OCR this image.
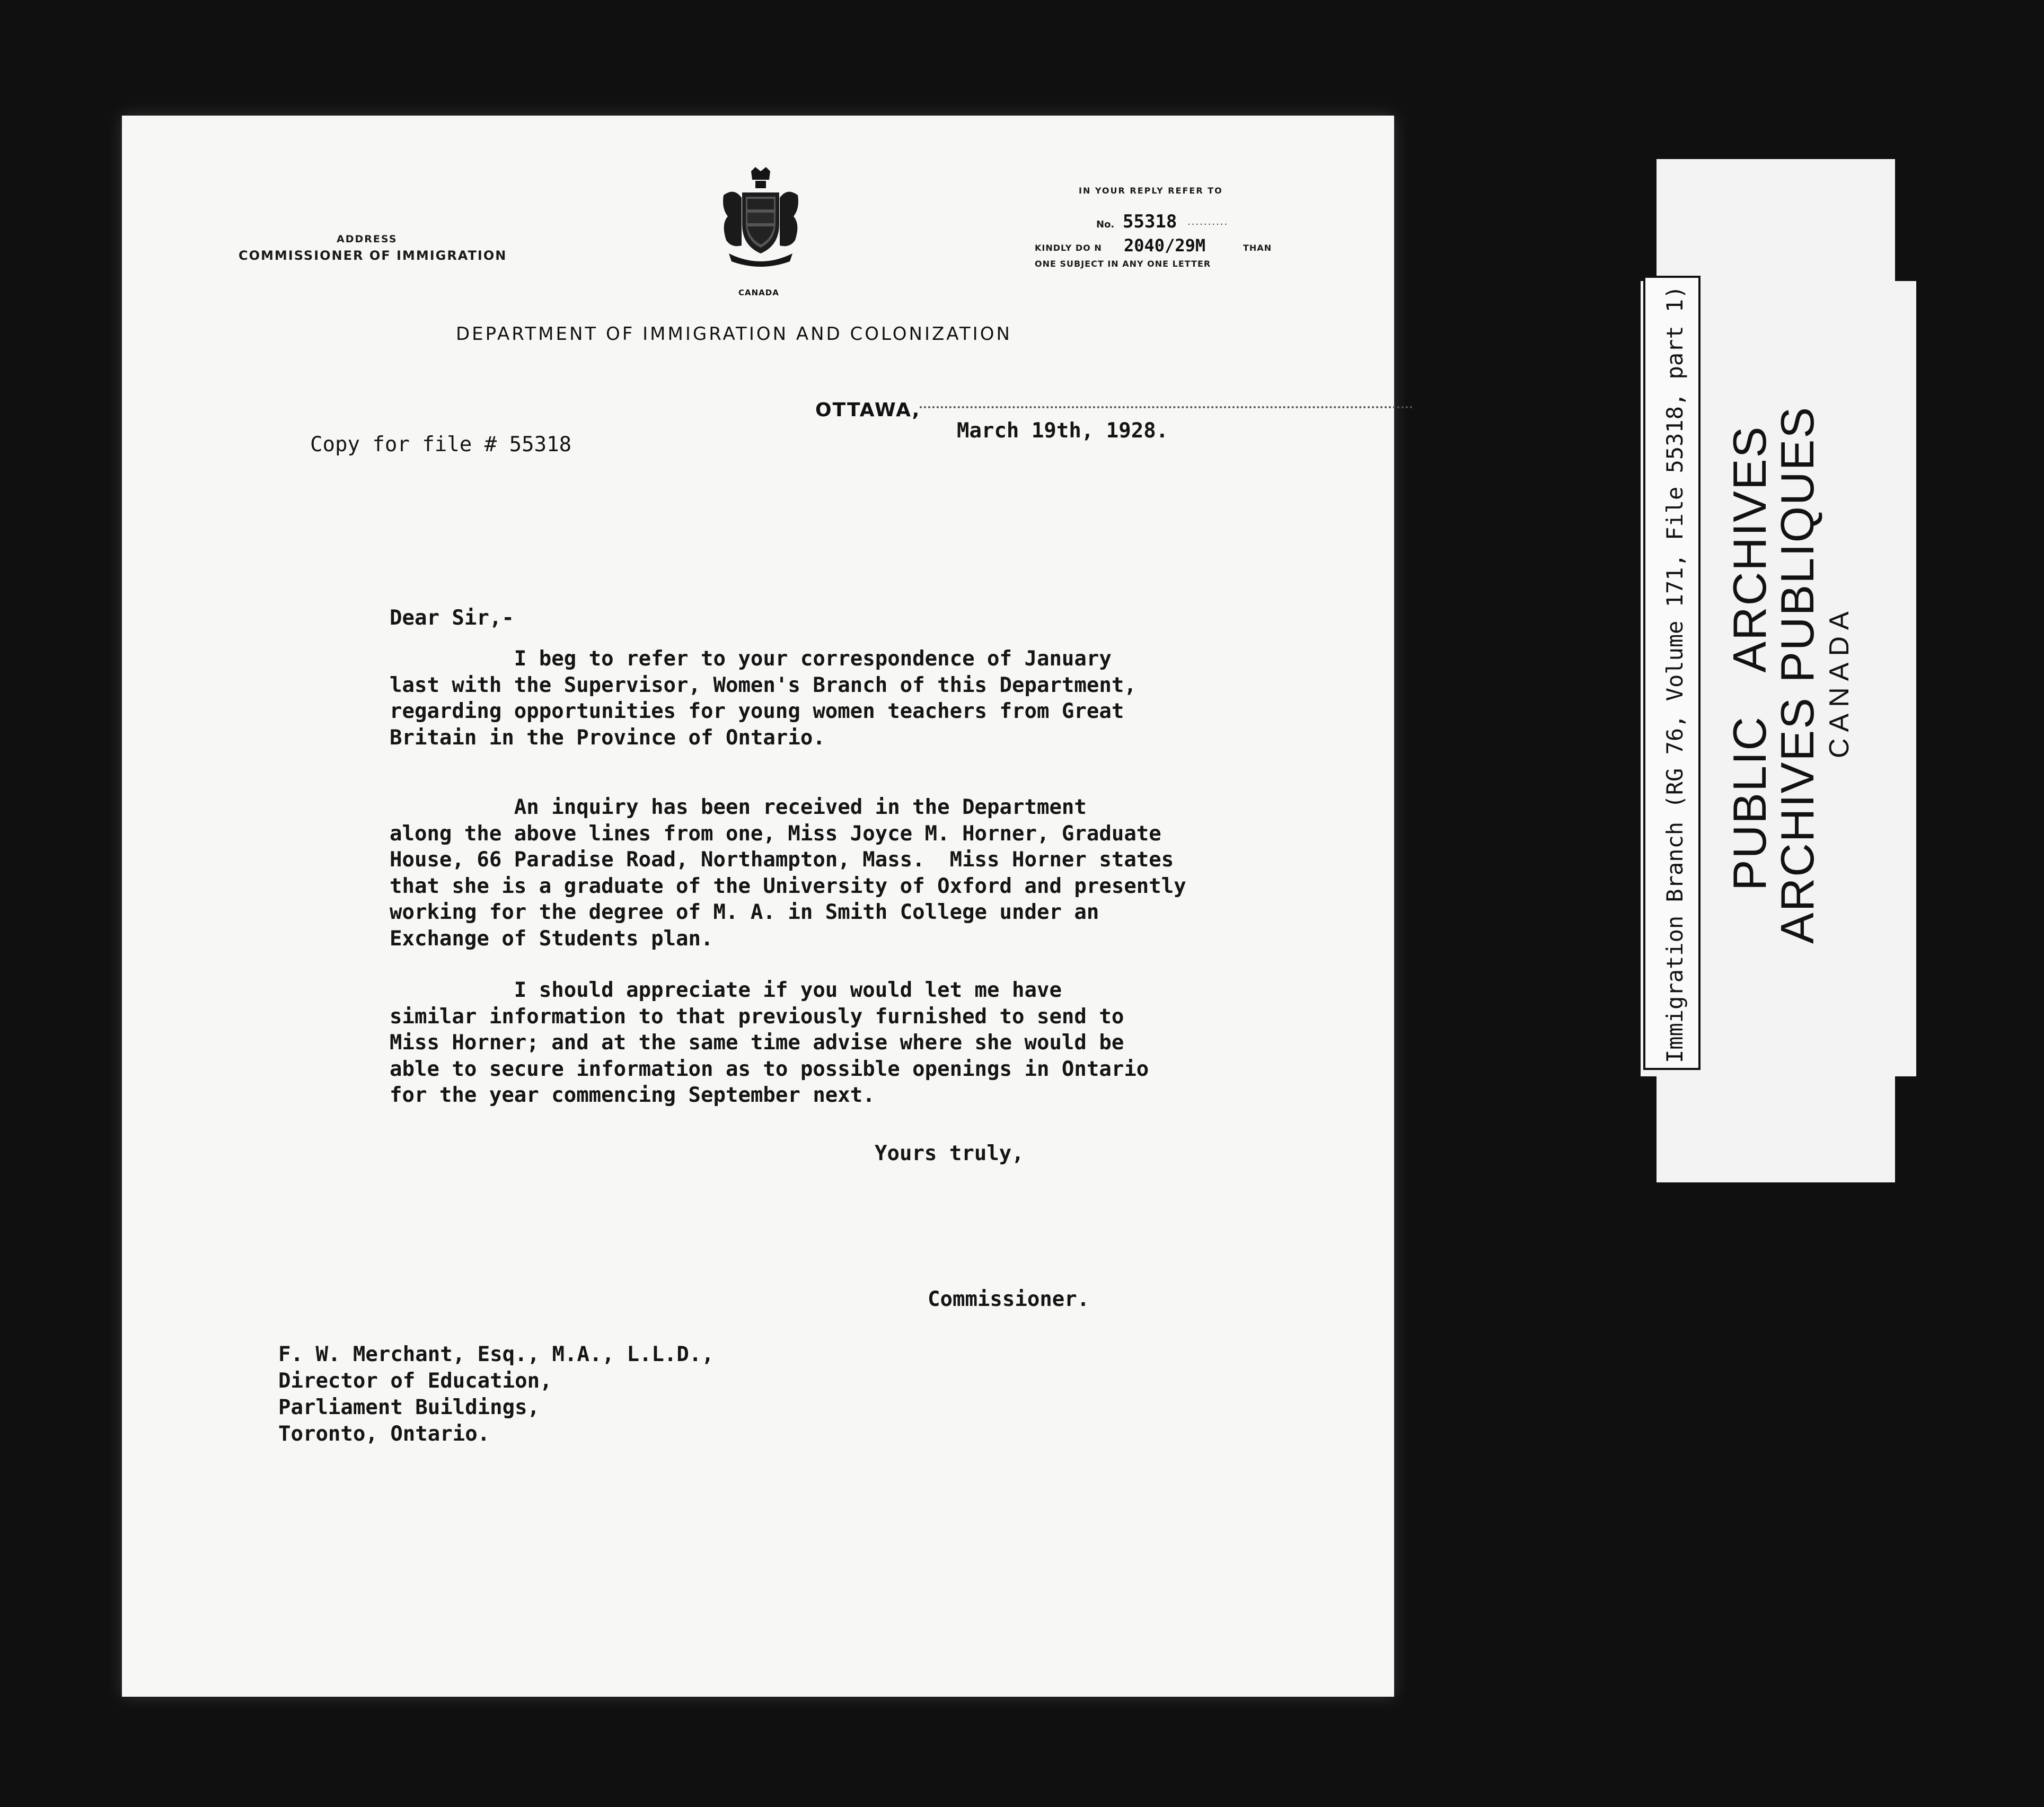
ADDRESS
COMMISSIONER OF IMMIGRATION
CANADA
IN YOUR REPLY REFER TO
No. 55318 ..........
KINDLY DO N 2040/29M	THAN
ONE SUBJECT IN ANY ONE LETTER
DEPARTMENT OF IMMIGRATION AND COLONIZATION
OTTAWA,
Copy for file # 55318
March 19th, 1928.
Dear Sir,-
I beg to refer to your correspondence of January
last with the Supervisor, Women's Branch of this Department,
regarding opportunities for young women teachers from Great
Britain in the Province of Ontario.
An inquiry has been received in the Department
along the above lines from one, Miss Joyce M. Horner, Graduate
House, 66 Paradise Road, Northampton, Mass.  Miss Horner states
that she is a graduate of the University of Oxford and presently
working for the degree of M. A. in Smith College under an
Exchange of Students plan.
I should appreciate if you would let me have
similar information to that previously furnished to send to
Miss Horner; and at the same time advise where she would be
able to secure information as to possible openings in Ontario
for the year commencing September next.
Yours truly,
Commissioner.
F. W. Merchant, Esq., M.A., L.L.D.,
Director of Education,
Parliament Buildings,
Toronto, Ontario.
Immigration Branch (RG 76, Volume 171, File 55318, part 1) PUBLIC ARCHIVES
ARCHIVES PUBLIQUES CANADA
